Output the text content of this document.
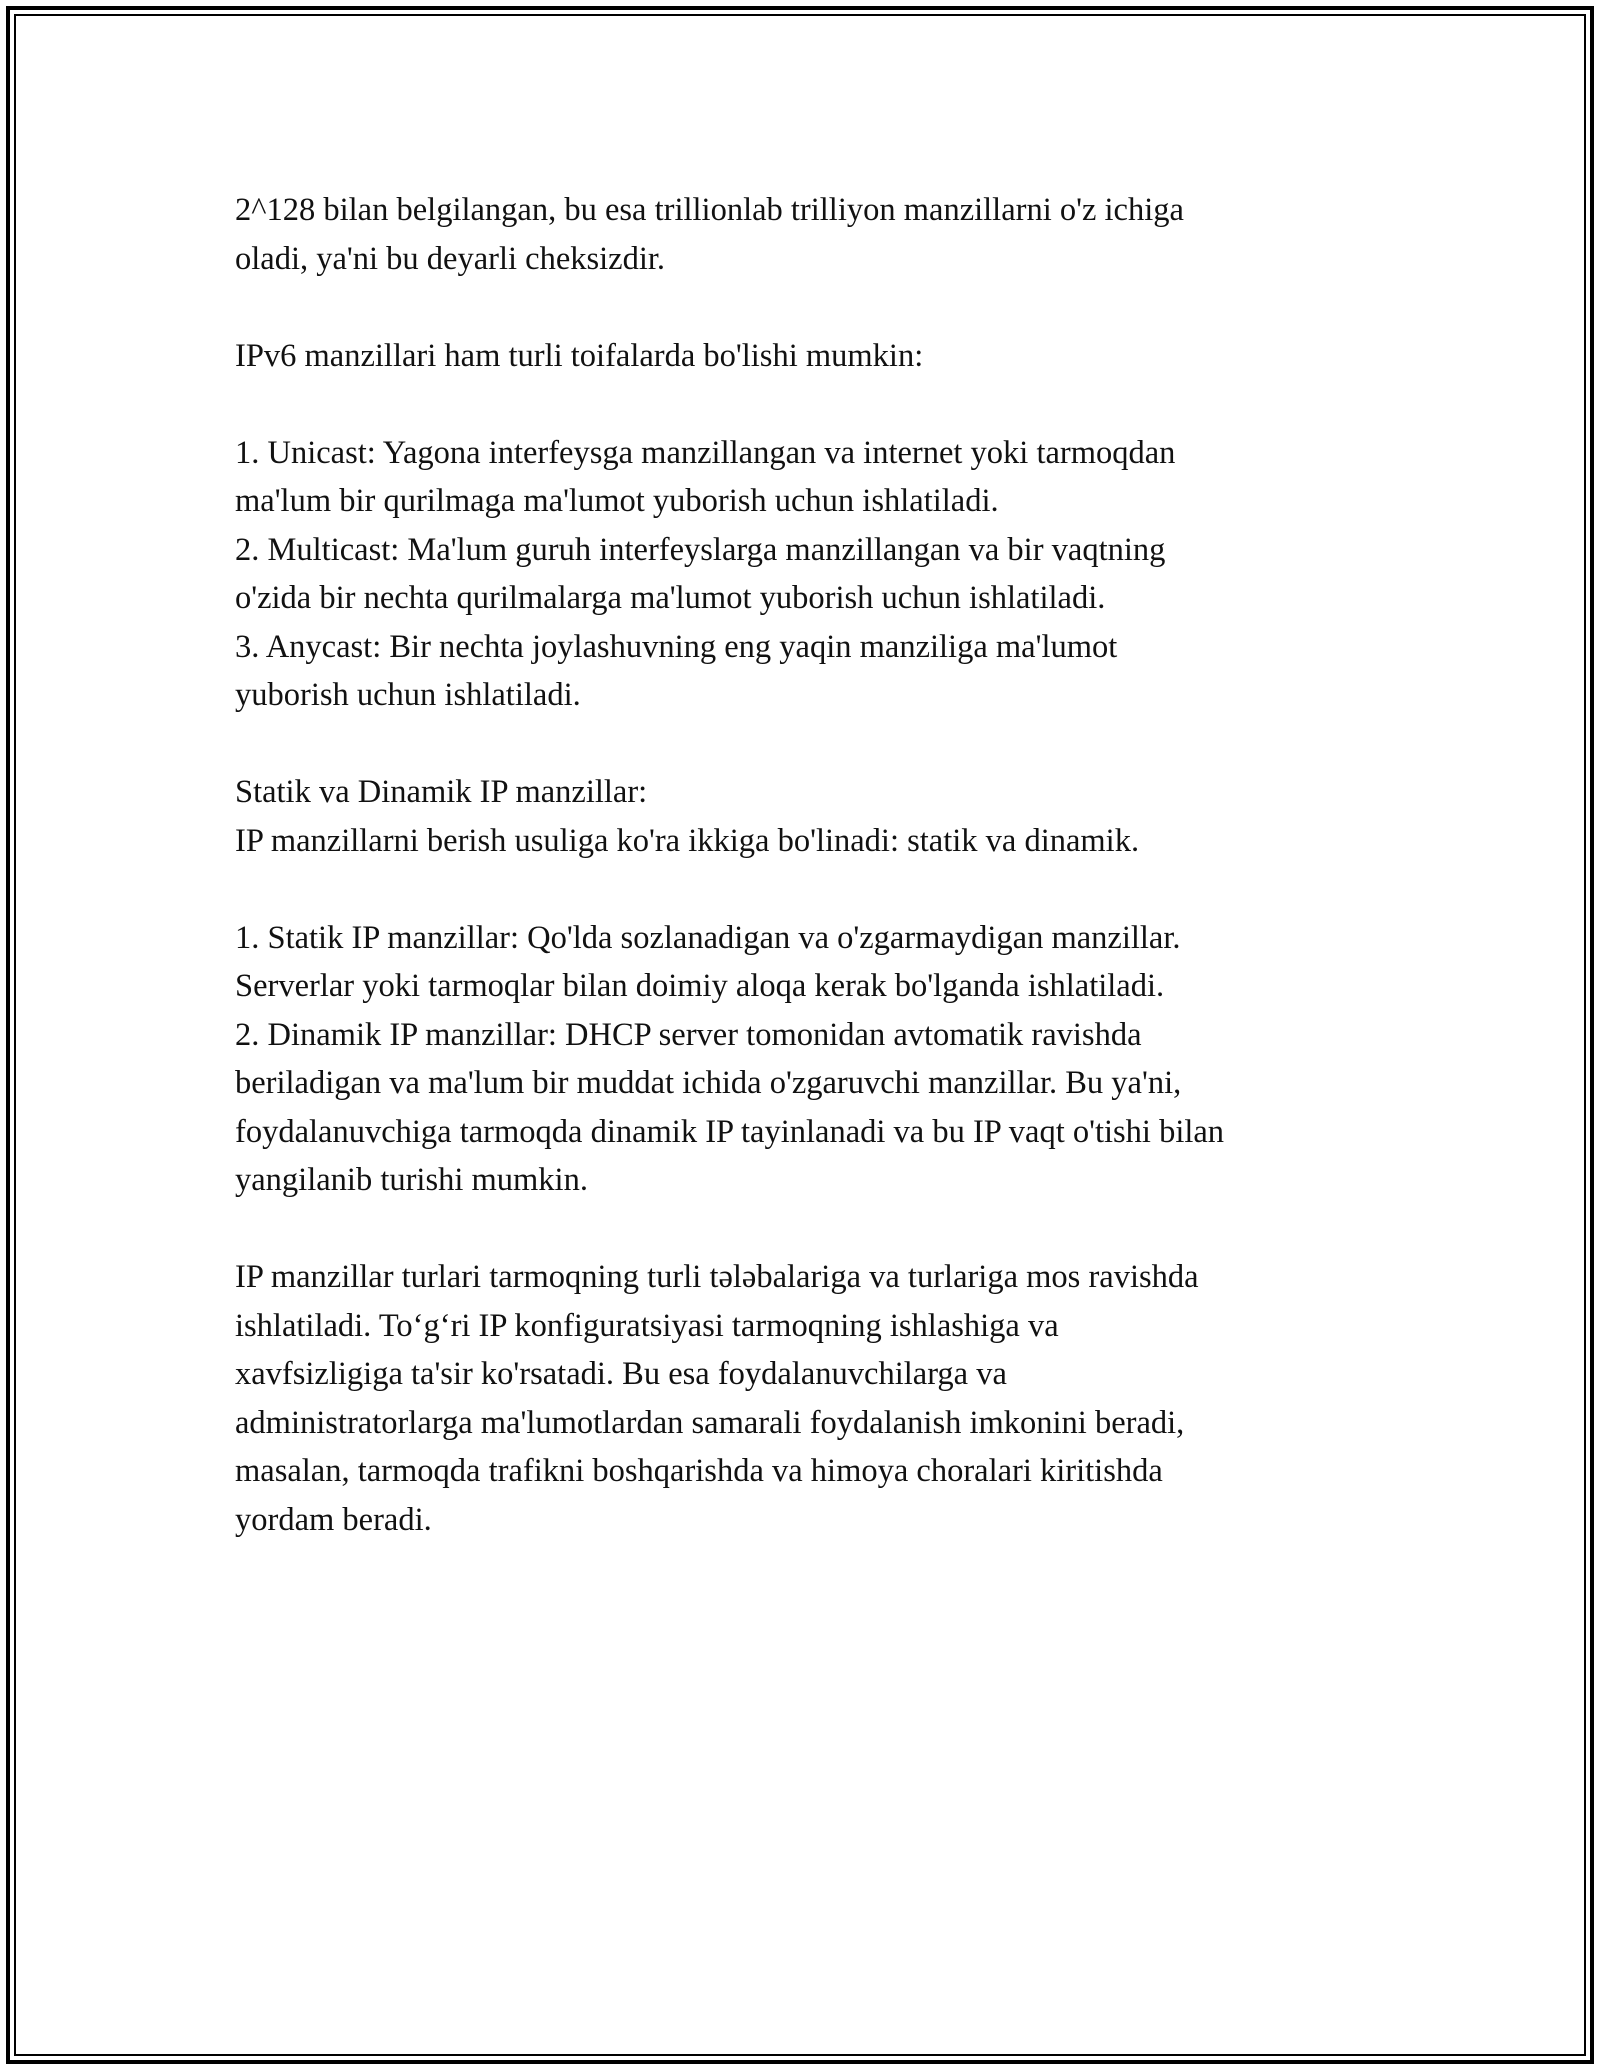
2^128 bilan belgilangan, bu esa trillionlab trilliyon manzillarni o'z ichiga

oladi, ya'ni bu deyarli cheksizdir.

IPv6 manzillari ham turli toifalarda bo'lishi mumkin:

1. Unicast: Yagona interfeysga manzillangan va internet yoki tarmoqdan

ma'lum bir qurilmaga ma'lumot yuborish uchun ishlatiladi.

2. Multicast: Ma'lum guruh interfeyslarga manzillangan va bir vaqtning

o'zida bir nechta qurilmalarga ma'lumot yuborish uchun ishlatiladi.

3. Anycast: Bir nechta joylashuvning eng yaqin manziliga ma'lumot

yuborish uchun ishlatiladi.

Statik va Dinamik IP manzillar:

IP manzillarni berish usuliga ko'ra ikkiga bo'linadi: statik va dinamik.

1. Statik IP manzillar: Qo'lda sozlanadigan va o'zgarmaydigan manzillar.

Serverlar yoki tarmoqlar bilan doimiy aloqa kerak bo'lganda ishlatiladi.

2. Dinamik IP manzillar: DHCP server tomonidan avtomatik ravishda

beriladigan va ma'lum bir muddat ichida o'zgaruvchi manzillar. Bu ya'ni,

foydalanuvchiga tarmoqda dinamik IP tayinlanadi va bu IP vaqt o'tishi bilan

yangilanib turishi mumkin.

IP manzillar turlari tarmoqning turli tələbalariga va turlariga mos ravishda

ishlatiladi. To‘g‘ri IP konfiguratsiyasi tarmoqning ishlashiga va

xavfsizligiga ta'sir ko'rsatadi. Bu esa foydalanuvchilarga va

administratorlarga ma'lumotlardan samarali foydalanish imkonini beradi,

masalan, tarmoqda trafikni boshqarishda va himoya choralari kiritishda

yordam beradi.
